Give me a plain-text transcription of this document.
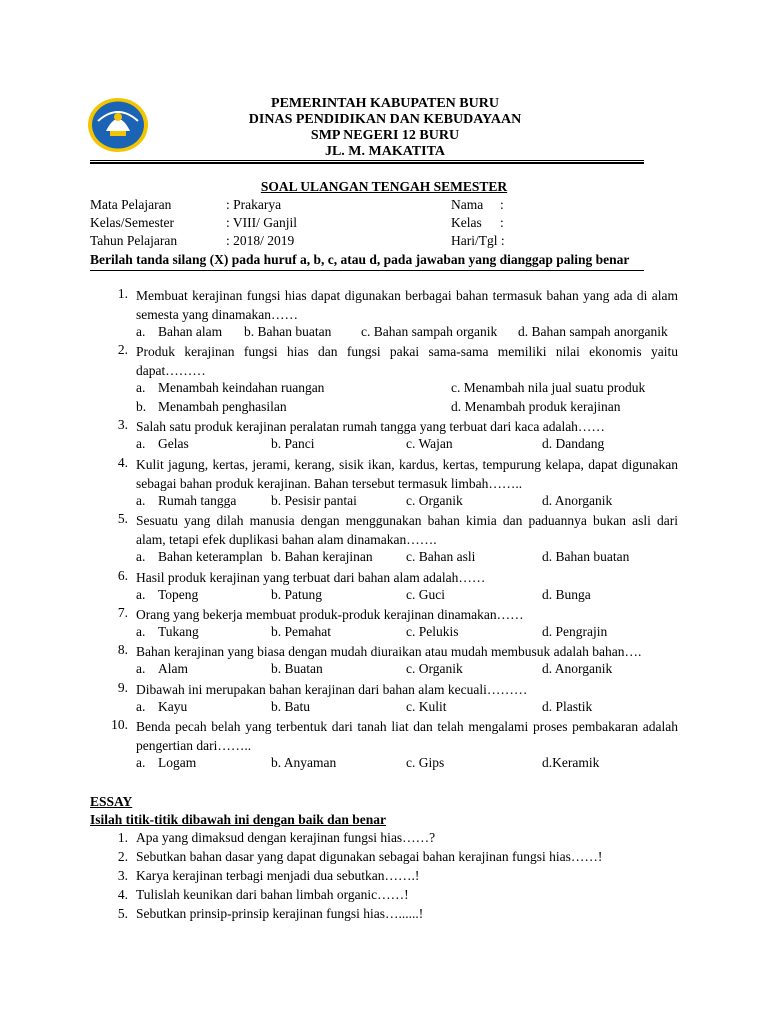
PEMERINTAH KABUPATEN BURU
DINAS PENDIDIKAN DAN KEBUDAYAAN
SMP NEGERI 12 BURU
JL. M. MAKATITA
SOAL ULANGAN TENGAH SEMESTER
Mata Pelajaran	: Prakarya	Nama :
Kelas/Semester	: VIII/ Ganjil	Kelas :
Tahun Pelajaran	: 2018/ 2019	Hari/Tgl :
Berilah tanda silang (X) pada huruf a, b, c, atau d, pada jawaban yang dianggap paling benar
1. Membuat kerajinan fungsi hias dapat digunakan berbagai bahan termasuk bahan yang ada di alam semesta yang dinamakan……
a. Bahan alam b. Bahan buatan c. Bahan sampah organik d. Bahan sampah anorganik
2. Produk kerajinan fungsi hias dan fungsi pakai sama-sama memiliki nilai ekonomis yaitu dapat………
a. Menambah keindahan ruangan	c. Menambah nila jual suatu produk
b. Menambah penghasilan	d. Menambah produk kerajinan
3. Salah satu produk kerajinan peralatan rumah tangga yang terbuat dari kaca adalah……
a. Gelas	b. Panci	c. Wajan	d. Dandang
4. Kulit jagung, kertas, jerami, kerang, sisik ikan, kardus, kertas, tempurung kelapa, dapat digunakan sebagai bahan produk kerajinan. Bahan tersebut termasuk limbah……..
a. Rumah tangga	b. Pesisir pantai	c. Organik	d. Anorganik
5. Sesuatu yang dilah manusia dengan menggunakan bahan kimia dan paduannya bukan asli dari alam, tetapi efek duplikasi bahan alam dinamakan…….
a. Bahan keteramplan b. Bahan kerajinan c. Bahan asli	d. Bahan buatan
6. Hasil produk kerajinan yang terbuat dari bahan alam adalah……
a. Topeng	b. Patung	c. Guci	d. Bunga
7. Orang yang bekerja membuat produk-produk kerajinan dinamakan……
a. Tukang	b. Pemahat	c. Pelukis	d. Pengrajin
8. Bahan kerajinan yang biasa dengan mudah diuraikan atau mudah membusuk adalah bahan….
a. Alam	b. Buatan	c. Organik	d. Anorganik
9. Dibawah ini merupakan bahan kerajinan dari bahan alam kecuali………
a. Kayu	b. Batu	c. Kulit	d. Plastik
10. Benda pecah belah yang terbentuk dari tanah liat dan telah mengalami proses pembakaran adalah pengertian dari……..
a. Logam	b. Anyaman	c. Gips	d.Keramik
ESSAY
Isilah titik-titik dibawah ini dengan baik dan benar
1. Apa yang dimaksud dengan kerajinan fungsi hias……?
2. Sebutkan bahan dasar yang dapat digunakan sebagai bahan kerajinan fungsi hias……!
3. Karya kerajinan terbagi menjadi dua sebutkan…….!
4. Tulislah keunikan dari bahan limbah organic……!
5. Sebutkan prinsip-prinsip kerajinan fungsi hias…......!
